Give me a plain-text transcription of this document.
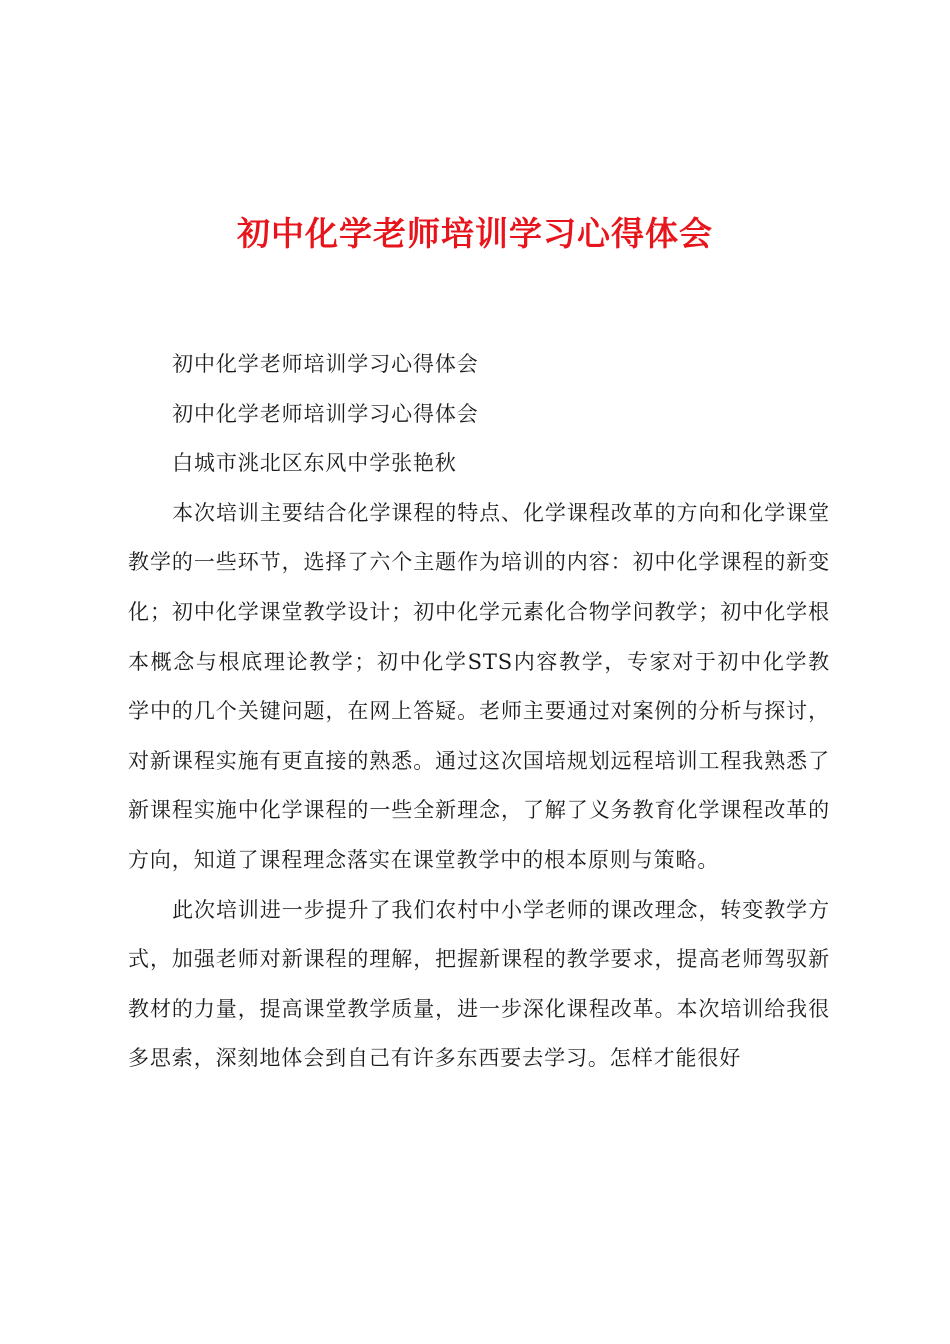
初中化学老师培训学习心得体会

初中化学老师培训学习心得体会

初中化学老师培训学习心得体会

白城市洮北区东风中学张艳秋

本次培训主要结合化学课程的特点、化学课程改革的方向和化学课堂教学的一些环节，选择了六个主题作为培训的内容：初中化学课程的新变化；初中化学课堂教学设计；初中化学元素化合物学问教学；初中化学根本概念与根底理论教学；初中化学STS内容教学，专家对于初中化学教学中的几个关键问题，在网上答疑。老师主要通过对案例的分析与探讨，对新课程实施有更直接的熟悉。通过这次国培规划远程培训工程我熟悉了新课程实施中化学课程的一些全新理念，了解了义务教育化学课程改革的方向，知道了课程理念落实在课堂教学中的根本原则与策略。

此次培训进一步提升了我们农村中小学老师的课改理念，转变教学方式，加强老师对新课程的理解，把握新课程的教学要求，提高老师驾驭新教材的力量，提高课堂教学质量，进一步深化课程改革。本次培训给我很多思索，深刻地体会到自己有许多东西要去学习。怎样才能很好
